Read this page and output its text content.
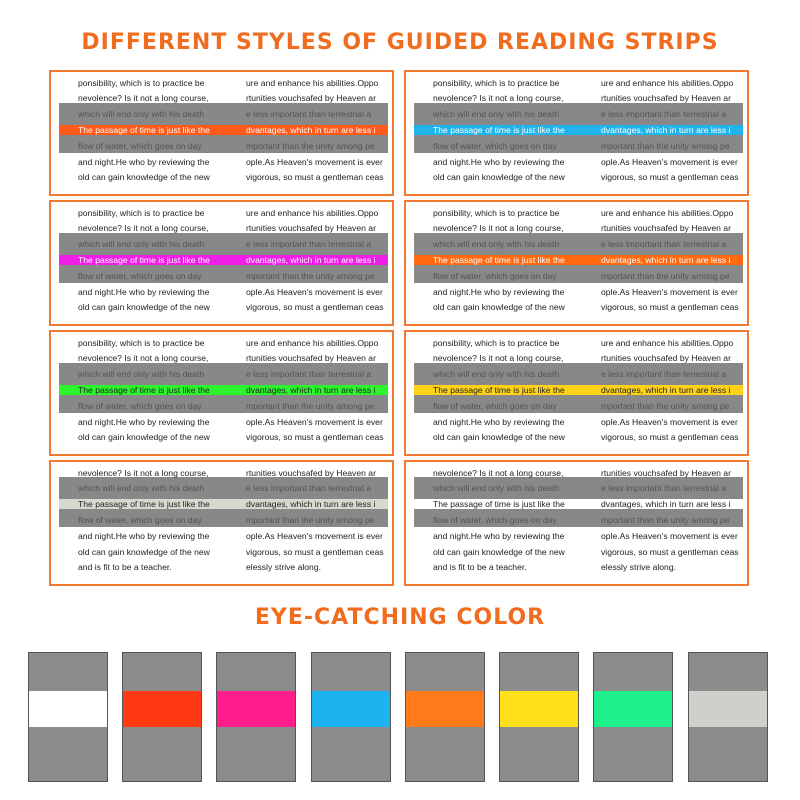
DIFFERENT STYLES OF GUIDED READING STRIPS
ponsibility, which is to practice be
nevolence? Is it not a long course,
which will end only with his death
The passage of time is just like the
flow of water, which goes on day
and night.He who by reviewing the
old can gain knowledge of the new
ure and enhance his abilities.Oppo
rtunities vouchsafed by Heaven ar
e less important than terrestrial a
dvantages, which in turn are less i
mportant than the unity among pe
ople.As Heaven's movement is ever
vigorous, so must a gentleman ceas
ponsibility, which is to practice be
nevolence? Is it not a long course,
which will end only with his death
The passage of time is just like the
flow of water, which goes on day
and night.He who by reviewing the
old can gain knowledge of the new
ure and enhance his abilities.Oppo
rtunities vouchsafed by Heaven ar
e less important than terrestrial a
dvantages, which in turn are less i
mportant than the unity among pe
ople.As Heaven's movement is ever
vigorous, so must a gentleman ceas
ponsibility, which is to practice be
nevolence? Is it not a long course,
which will end only with his death
The passage of time is just like the
flow of water, which goes on day
and night.He who by reviewing the
old can gain knowledge of the new
ure and enhance his abilities.Oppo
rtunities vouchsafed by Heaven ar
e less important than terrestrial a
dvantages, which in turn are less i
mportant than the unity among pe
ople.As Heaven's movement is ever
vigorous, so must a gentleman ceas
ponsibility, which is to practice be
nevolence? Is it not a long course,
which will end only with his death
The passage of time is just like the
flow of water, which goes on day
and night.He who by reviewing the
old can gain knowledge of the new
ure and enhance his abilities.Oppo
rtunities vouchsafed by Heaven ar
e less important than terrestrial a
dvantages, which in turn are less i
mportant than the unity among pe
ople.As Heaven's movement is ever
vigorous, so must a gentleman ceas
ponsibility, which is to practice be
nevolence? Is it not a long course,
which will end only with his death
The passage of time is just like the
flow of water, which goes on day
and night.He who by reviewing the
old can gain knowledge of the new
ure and enhance his abilities.Oppo
rtunities vouchsafed by Heaven ar
e less important than terrestrial a
dvantages, which in turn are less i
mportant than the unity among pe
ople.As Heaven's movement is ever
vigorous, so must a gentleman ceas
ponsibility, which is to practice be
nevolence? Is it not a long course,
which will end only with his death
The passage of time is just like the
flow of water, which goes on day
and night.He who by reviewing the
old can gain knowledge of the new
ure and enhance his abilities.Oppo
rtunities vouchsafed by Heaven ar
e less important than terrestrial a
dvantages, which in turn are less i
mportant than the unity among pe
ople.As Heaven's movement is ever
vigorous, so must a gentleman ceas
nevolence? Is it not a long course,
which will end only with his death
The passage of time is just like the
flow of water, which goes on day
and night.He who by reviewing the
old can gain knowledge of the new
and is fit to be a teacher.
rtunities vouchsafed by Heaven ar
e less important than terrestrial a
dvantages, which in turn are less i
mportant than the unity among pe
ople.As Heaven's movement is ever
vigorous, so must a gentleman ceas
elessly strive along.
nevolence? Is it not a long course,
which will end only with his death
The passage of time is just like the
flow of water, which goes on day
and night.He who by reviewing the
old can gain knowledge of the new
and is fit to be a teacher.
rtunities vouchsafed by Heaven ar
e less important than terrestrial a
dvantages, which in turn are less i
mportant than the unity among pe
ople.As Heaven's movement is ever
vigorous, so must a gentleman ceas
elessly strive along.
EYE-CATCHING COLOR
